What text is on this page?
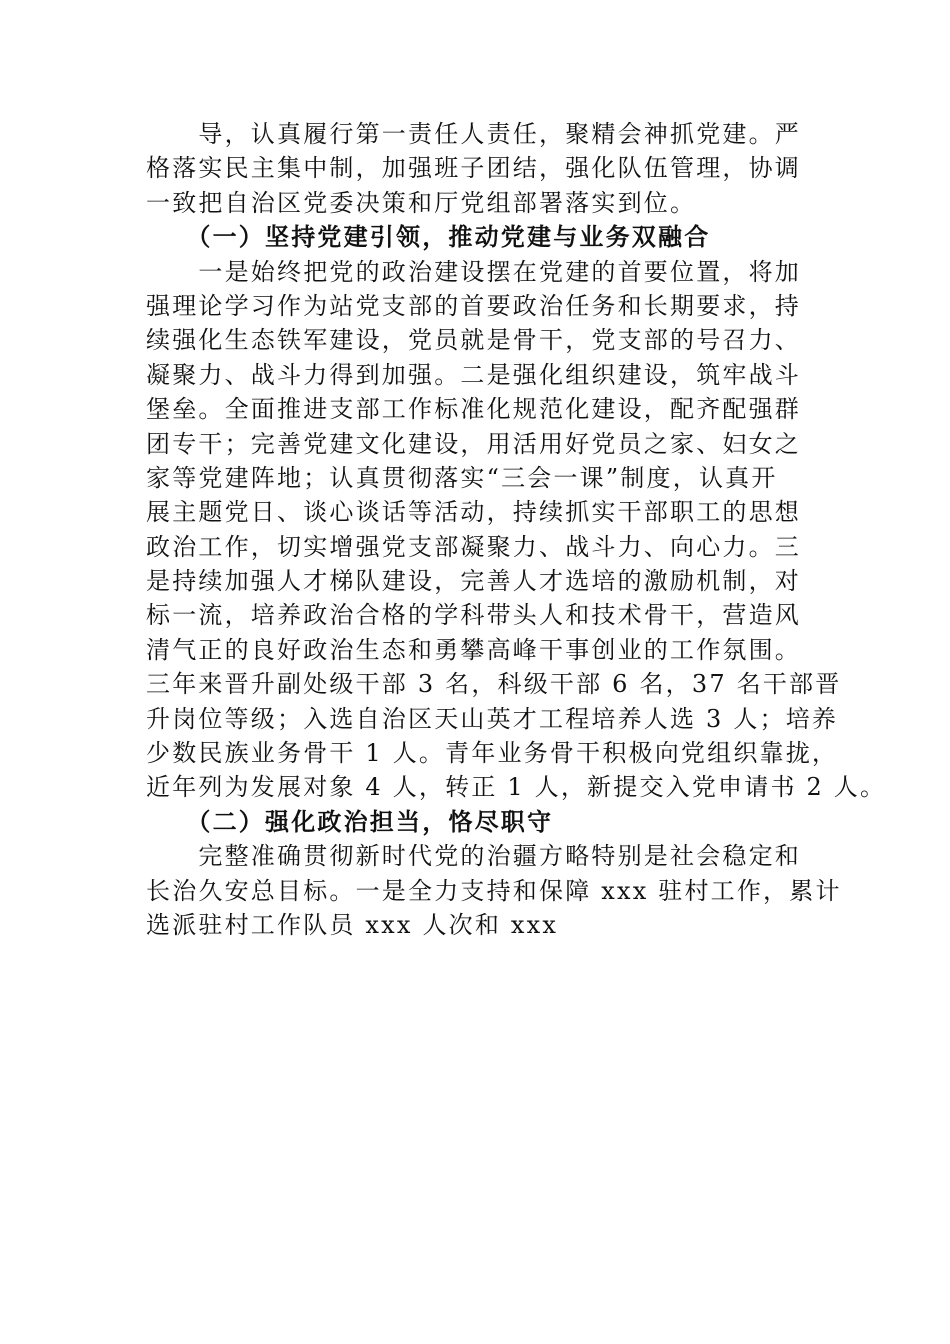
　　导，认真履行第一责任人责任，聚精会神抓党建。严
格落实民主集中制，加强班子团结，强化队伍管理，协调
一致把自治区党委决策和厅党组部署落实到位。
　　（一）坚持党建引领，推动党建与业务双融合
　　一是始终把党的政治建设摆在党建的首要位置，将加
强理论学习作为站党支部的首要政治任务和长期要求，持
续强化生态铁军建设，党员就是骨干，党支部的号召力、
凝聚力、战斗力得到加强。二是强化组织建设，筑牢战斗
堡垒。全面推进支部工作标准化规范化建设，配齐配强群
团专干；完善党建文化建设，用活用好党员之家、妇女之
家等党建阵地；认真贯彻落实“三会一课”制度，认真开
展主题党日、谈心谈话等活动，持续抓实干部职工的思想
政治工作，切实增强党支部凝聚力、战斗力、向心力。三
是持续加强人才梯队建设，完善人才选培的激励机制，对
标一流，培养政治合格的学科带头人和技术骨干，营造风
清气正的良好政治生态和勇攀高峰干事创业的工作氛围。
三年来晋升副处级干部 3 名，科级干部 6 名，37 名干部晋
升岗位等级；入选自治区天山英才工程培养人选 3 人；培养
少数民族业务骨干 1 人。青年业务骨干积极向党组织靠拢，
近年列为发展对象 4 人，转正 1 人，新提交入党申请书 2 人。
　　（二）强化政治担当，恪尽职守
　　完整准确贯彻新时代党的治疆方略特别是社会稳定和
长治久安总目标。一是全力支持和保障 xxx 驻村工作，累计
选派驻村工作队员 xxx 人次和 xxx
